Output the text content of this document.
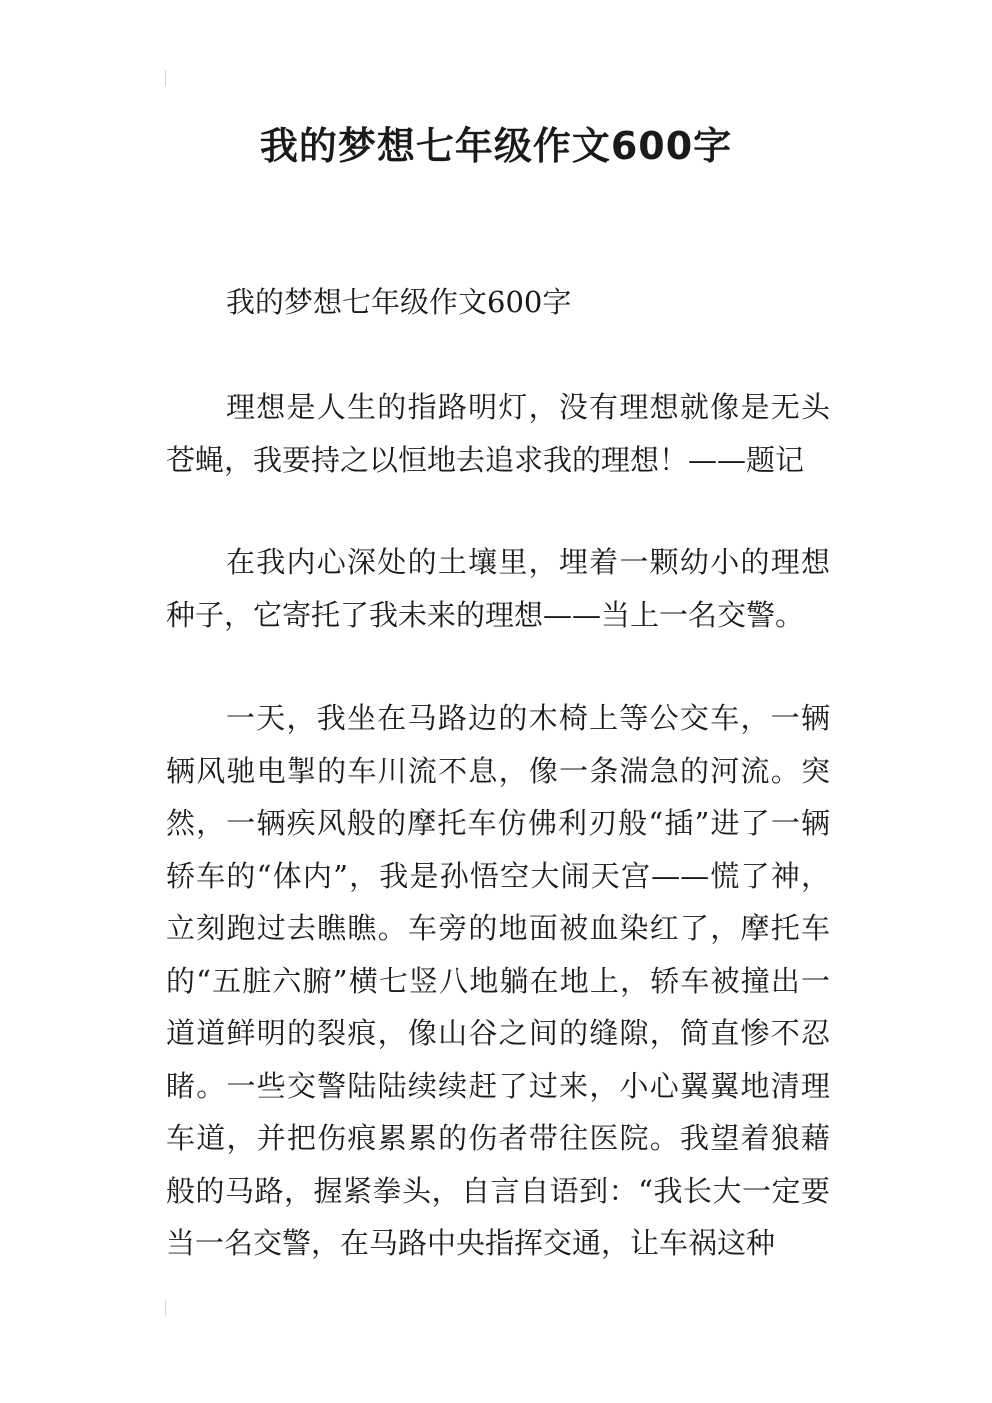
我的梦想七年级作文600字

我的梦想七年级作文600字

理想是人生的指路明灯，没有理想就像是无头苍蝇，我要持之以恒地去追求我的理想！——题记

在我内心深处的土壤里，埋着一颗幼小的理想种子，它寄托了我未来的理想——当上一名交警。

一天，我坐在马路边的木椅上等公交车，一辆辆风驰电掣的车川流不息，像一条湍急的河流。突然，一辆疾风般的摩托车仿佛利刃般“插”进了一辆轿车的“体内”，我是孙悟空大闹天宫——慌了神，立刻跑过去瞧瞧。车旁的地面被血染红了，摩托车的“五脏六腑”横七竖八地躺在地上，轿车被撞出一道道鲜明的裂痕，像山谷之间的缝隙，简直惨不忍睹。一些交警陆陆续续赶了过来，小心翼翼地清理车道，并把伤痕累累的伤者带往医院。我望着狼藉般的马路，握紧拳头，自言自语到：“我长大一定要当一名交警，在马路中央指挥交通，让车祸这种
